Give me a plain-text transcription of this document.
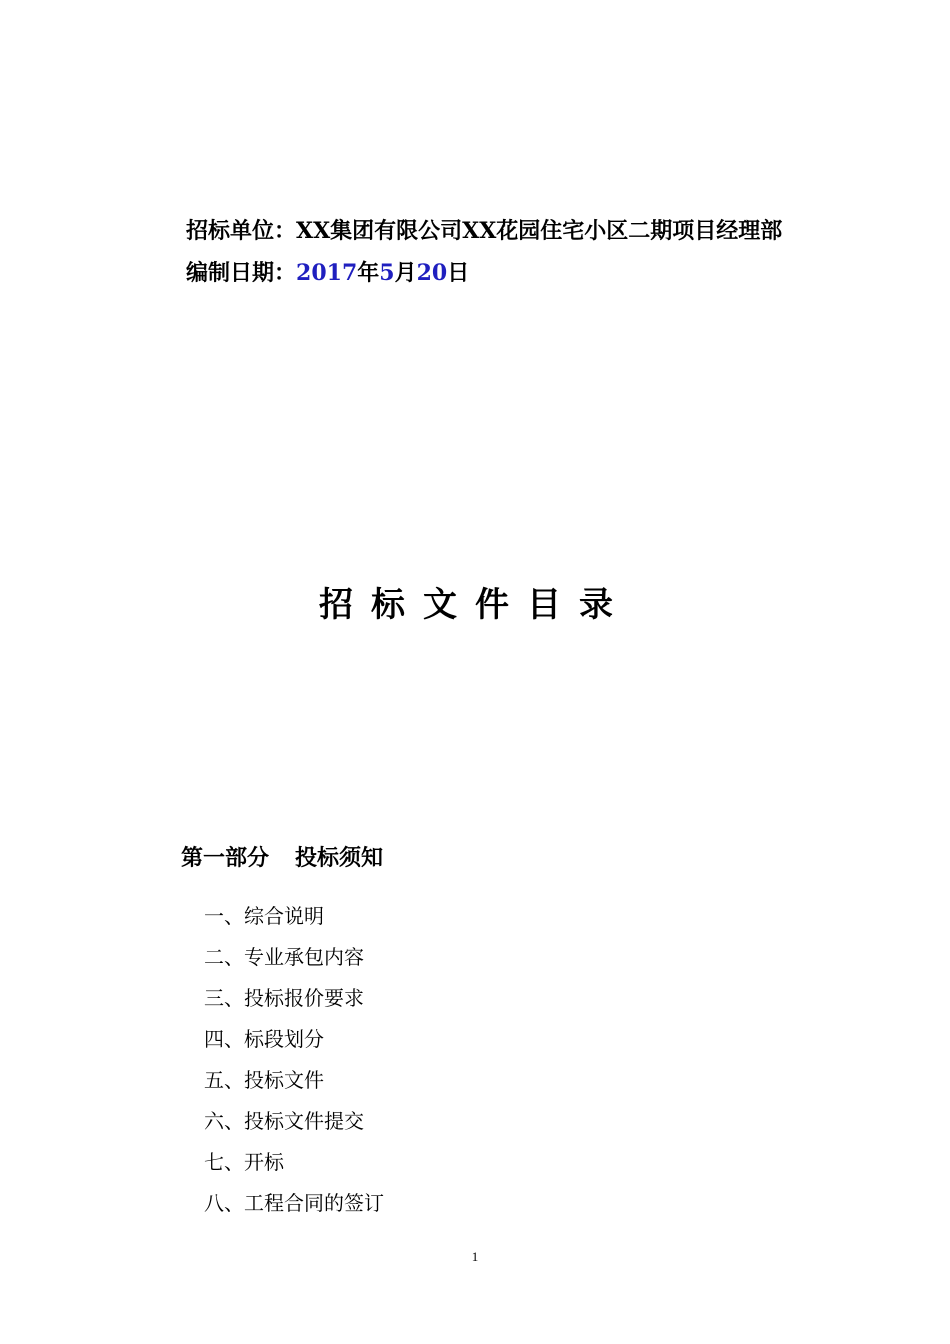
招标单位：XX集团有限公司XX花园住宅小区二期项目经理部
编制日期：2017年5月20日
招标文件目录
第一部分 投标须知
一、综合说明
二、专业承包内容
三、投标报价要求
四、标段划分
五、投标文件
六、投标文件提交
七、开标
八、工程合同的签订
1
